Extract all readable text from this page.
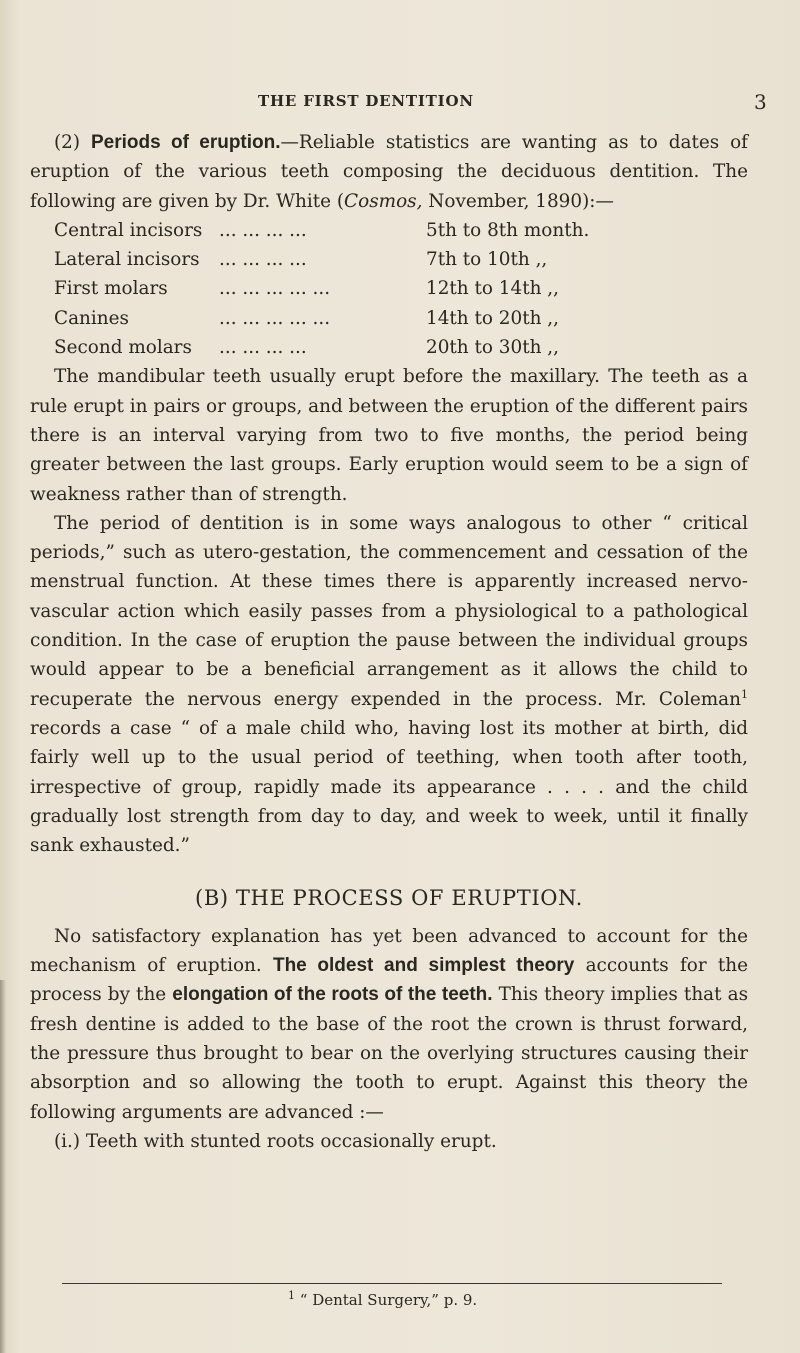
THE FIRST DENTITION	3

(2) Periods of eruption.—Reliable statistics are wanting as to dates of eruption of the various teeth composing the deciduous dentition. The following are given by Dr. White (Cosmos, November, 1890):—

Central incisors	... ... ... ...	5th to 8th month.
Lateral incisors	... ... ... ...	7th to 10th ,,
First molars	... ... ... ... ...	12th to 14th ,,
Canines	... ... ... ... ...	14th to 20th ,,
Second molars	... ... ... ...	20th to 30th ,,

The mandibular teeth usually erupt before the maxillary. The teeth as a rule erupt in pairs or groups, and between the eruption of the different pairs there is an interval varying from two to five months, the period being greater between the last groups. Early eruption would seem to be a sign of weakness rather than of strength.

The period of dentition is in some ways analogous to other “ critical periods,” such as utero-gestation, the commencement and cessation of the menstrual function. At these times there is apparently increased nervo-vascular action which easily passes from a physiological to a pathological condition. In the case of eruption the pause between the individual groups would appear to be a beneficial arrangement as it allows the child to recuperate the nervous energy expended in the process. Mr. Coleman$^1$ records a case “ of a male child who, having lost its mother at birth, did fairly well up to the usual period of teething, when tooth after tooth, irrespective of group, rapidly made its appearance . . . . and the child gradually lost strength from day to day, and week to week, until it finally sank exhausted.”

(B) THE PROCESS OF ERUPTION.

No satisfactory explanation has yet been advanced to account for the mechanism of eruption. The oldest and simplest theory accounts for the process by the elongation of the roots of the teeth. This theory implies that as fresh dentine is added to the base of the root the crown is thrust forward, the pressure thus brought to bear on the overlying structures causing their absorption and so allowing the tooth to erupt. Against this theory the following arguments are advanced :—

(i.) Teeth with stunted roots occasionally erupt.

$^1$ “ Dental Surgery,” p. 9.
